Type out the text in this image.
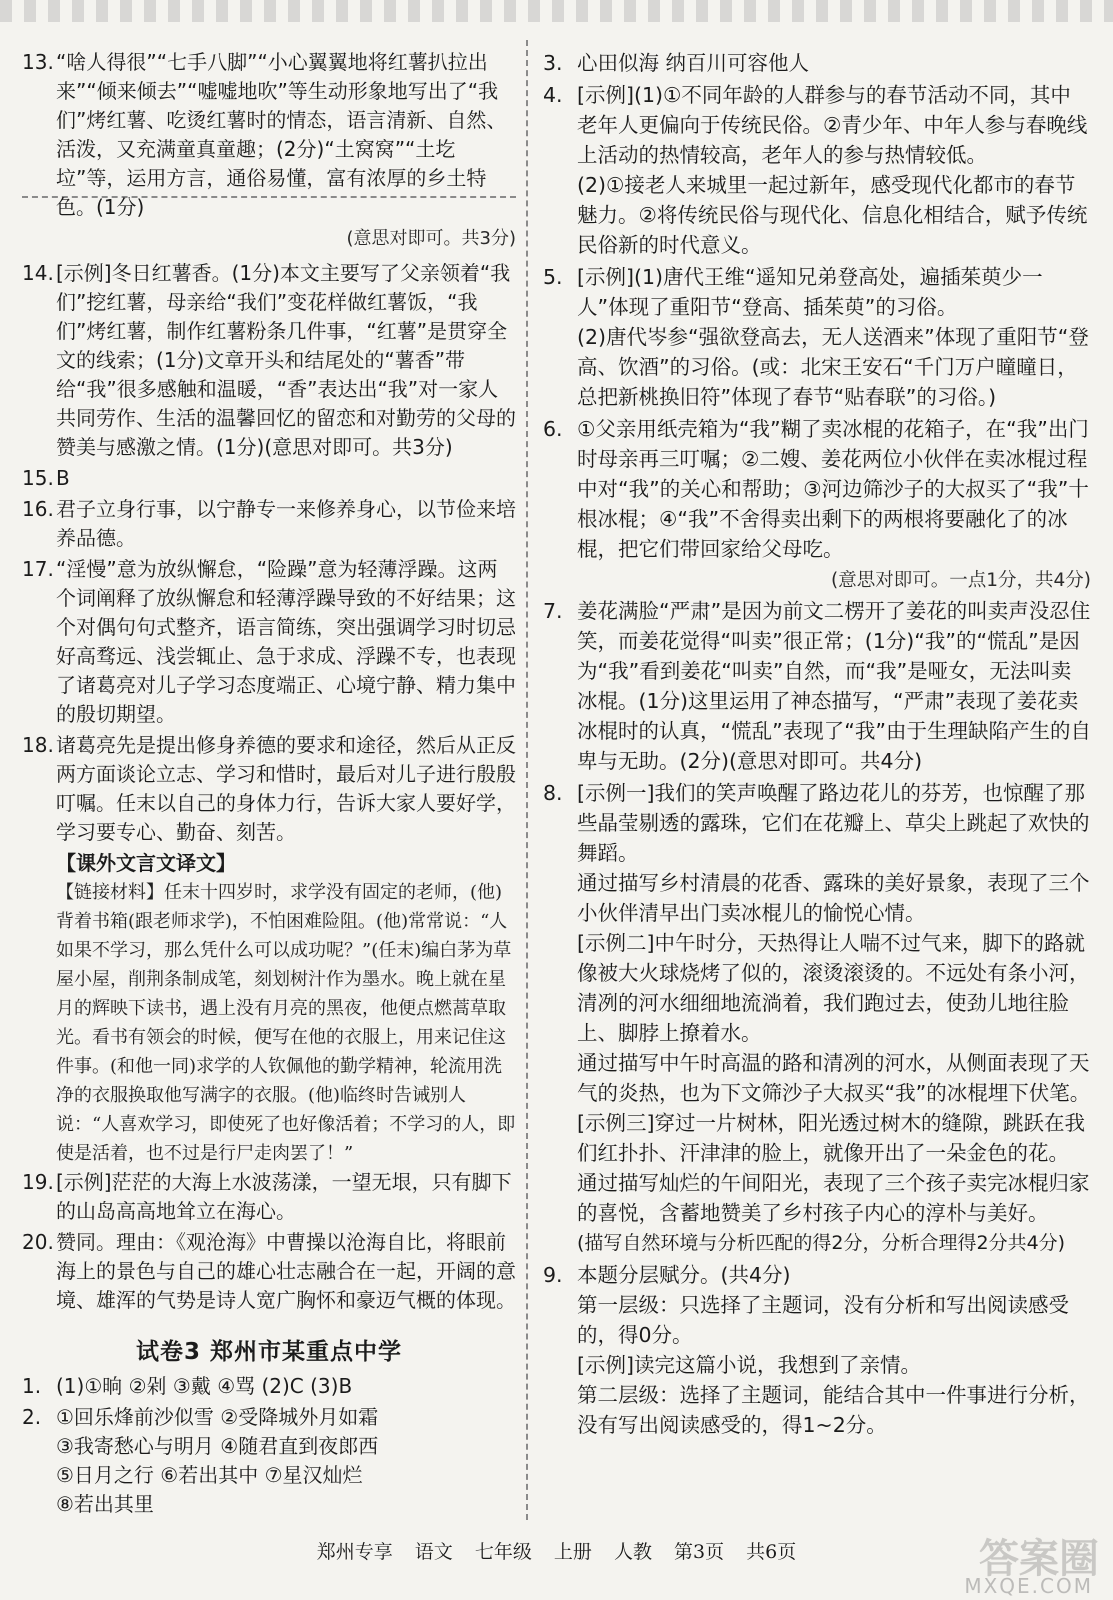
13. “啥人得很”“七手八脚”“小心翼翼地将红薯扒拉出来”“倾来倾去”“嘘嘘地吹”等生动形象地写出了“我们”烤红薯、吃烫红薯时的情态，语言清新、自然、活泼，又充满童真童趣；(2分)“土窝窝”“土圪垃”等，运用方言，通俗易懂，富有浓厚的乡土特色。(1分)
(意思对即可。共3分)
14. [示例]冬日红薯香。(1分)本文主要写了父亲领着“我们”挖红薯，母亲给“我们”变花样做红薯饭，“我们”烤红薯，制作红薯粉条几件事，“红薯”是贯穿全文的线索；(1分)文章开头和结尾处的“薯香”带给“我”很多感触和温暖，“香”表达出“我”对一家人共同劳作、生活的温馨回忆的留恋和对勤劳的父母的赞美与感激之情。(1分)(意思对即可。共3分)
15. B
16. 君子立身行事，以宁静专一来修养身心，以节俭来培养品德。
17. “淫慢”意为放纵懈怠，“险躁”意为轻薄浮躁。这两个词阐释了放纵懈怠和轻薄浮躁导致的不好结果；这个对偶句句式整齐，语言简练，突出强调学习时切忌好高骛远、浅尝辄止、急于求成、浮躁不专，也表现了诸葛亮对儿子学习态度端正、心境宁静、精力集中的殷切期望。
18. 诸葛亮先是提出修身养德的要求和途径，然后从正反两方面谈论立志、学习和惜时，最后对儿子进行殷殷叮嘱。任末以自己的身体力行，告诉大家人要好学，学习要专心、勤奋、刻苦。
【课外文言文译文】
【链接材料】任末十四岁时，求学没有固定的老师，(他)背着书箱(跟老师求学)，不怕困难险阻。(他)常常说：“人如果不学习，那么凭什么可以成功呢？”(任末)编白茅为草屋小屋，削荆条制成笔，刻划树汁作为墨水。晚上就在星月的辉映下读书，遇上没有月亮的黑夜，他便点燃蒿草取光。看书有领会的时候，便写在他的衣服上，用来记住这件事。(和他一同)求学的人钦佩他的勤学精神，轮流用洗净的衣服换取他写满字的衣服。(他)临终时告诫别人说：“人喜欢学习，即使死了也好像活着；不学习的人，即使是活着，也不过是行尸走肉罢了！”
19. [示例]茫茫的大海上水波荡漾，一望无垠，只有脚下的山岛高高地耸立在海心。
20. 赞同。理由：《观沧海》中曹操以沧海自比，将眼前海上的景色与自己的雄心壮志融合在一起，开阔的意境、雄浑的气势是诗人宽广胸怀和豪迈气概的体现。
试卷3 郑州市某重点中学
1. (1)①晌 ②剁 ③戴 ④骂 (2)C (3)B
2. ①回乐烽前沙似雪 ②受降城外月如霜
③我寄愁心与明月 ④随君直到夜郎西
⑤日月之行 ⑥若出其中 ⑦星汉灿烂
⑧若出其里
3. 心田似海 纳百川可容他人
4. [示例](1)①不同年龄的人群参与的春节活动不同，其中老年人更偏向于传统民俗。②青少年、中年人参与春晚线上活动的热情较高，老年人的参与热情较低。
(2)①接老人来城里一起过新年，感受现代化都市的春节魅力。②将传统民俗与现代化、信息化相结合，赋予传统民俗新的时代意义。
5. [示例](1)唐代王维“遥知兄弟登高处，遍插茱萸少一人”体现了重阳节“登高、插茱萸”的习俗。
(2)唐代岑参“强欲登高去，无人送酒来”体现了重阳节“登高、饮酒”的习俗。(或：北宋王安石“千门万户曈曈日，总把新桃换旧符”体现了春节“贴春联”的习俗。)
6. ①父亲用纸壳箱为“我”糊了卖冰棍的花箱子，在“我”出门时母亲再三叮嘱；②二嫂、姜花两位小伙伴在卖冰棍过程中对“我”的关心和帮助；③河边筛沙子的大叔买了“我”十根冰棍；④“我”不舍得卖出剩下的两根将要融化了的冰棍，把它们带回家给父母吃。
(意思对即可。一点1分，共4分)
7. 姜花满脸“严肃”是因为前文二楞开了姜花的叫卖声没忍住笑，而姜花觉得“叫卖”很正常；(1分)“我”的“慌乱”是因为“我”看到姜花“叫卖”自然，而“我”是哑女，无法叫卖冰棍。(1分)这里运用了神态描写，“严肃”表现了姜花卖冰棍时的认真，“慌乱”表现了“我”由于生理缺陷产生的自卑与无助。(2分)(意思对即可。共4分)
8. [示例一]我们的笑声唤醒了路边花儿的芬芳，也惊醒了那些晶莹剔透的露珠，它们在花瓣上、草尖上跳起了欢快的舞蹈。
通过描写乡村清晨的花香、露珠的美好景象，表现了三个小伙伴清早出门卖冰棍儿的愉悦心情。
[示例二]中午时分，天热得让人喘不过气来，脚下的路就像被大火球烧烤了似的，滚烫滚烫的。不远处有条小河，清冽的河水细细地流淌着，我们跑过去，使劲儿地往脸上、脚脖上撩着水。
通过描写中午时高温的路和清冽的河水，从侧面表现了天气的炎热，也为下文筛沙子大叔买“我”的冰棍埋下伏笔。
[示例三]穿过一片树林，阳光透过树木的缝隙，跳跃在我们红扑扑、汗津津的脸上，就像开出了一朵金色的花。
通过描写灿烂的午间阳光，表现了三个孩子卖完冰棍归家的喜悦，含蓄地赞美了乡村孩子内心的淳朴与美好。
(描写自然环境与分析匹配的得2分，分析合理得2分共4分)
9. 本题分层赋分。(共4分)
第一层级：只选择了主题词，没有分析和写出阅读感受的，得0分。
[示例]读完这篇小说，我想到了亲情。
第二层级：选择了主题词，能结合其中一件事进行分析，没有写出阅读感受的，得1~2分。
郑州专享 语文 七年级 上册 人教 第3页 共6页	答案圈
MXQE.COM
